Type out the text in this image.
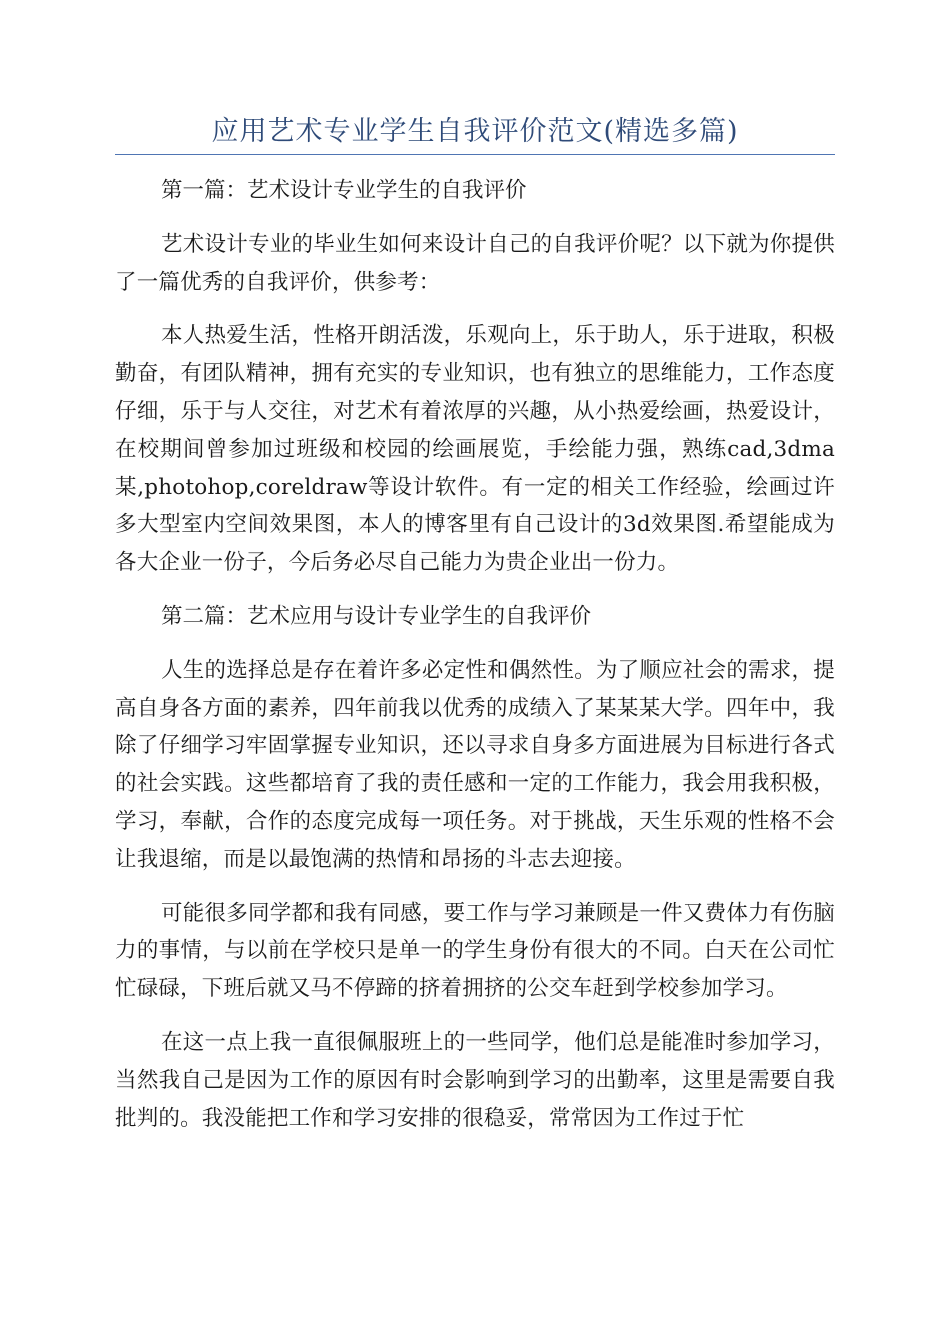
应用艺术专业学生自我评价范文(精选多篇)

第一篇：艺术设计专业学生的自我评价

艺术设计专业的毕业生如何来设计自己的自我评价呢？以下就为你提供了一篇优秀的自我评价，供参考：

本人热爱生活，性格开朗活泼，乐观向上，乐于助人，乐于进取，积极勤奋，有团队精神，拥有充实的专业知识，也有独立的思维能力，工作态度仔细，乐于与人交往，对艺术有着浓厚的兴趣，从小热爱绘画，热爱设计，在校期间曾参加过班级和校园的绘画展览，手绘能力强，熟练cad,3dma某,photohop,coreldraw等设计软件。有一定的相关工作经验，绘画过许多大型室内空间效果图，本人的博客里有自己设计的3d效果图.希望能成为各大企业一份子，今后务必尽自己能力为贵企业出一份力。

第二篇：艺术应用与设计专业学生的自我评价

人生的选择总是存在着许多必定性和偶然性。为了顺应社会的需求，提高自身各方面的素养，四年前我以优秀的成绩入了某某某大学。四年中，我除了仔细学习牢固掌握专业知识，还以寻求自身多方面进展为目标进行各式的社会实践。这些都培育了我的责任感和一定的工作能力，我会用我积极，学习，奉献，合作的态度完成每一项任务。对于挑战，天生乐观的性格不会让我退缩，而是以最饱满的热情和昂扬的斗志去迎接。

可能很多同学都和我有同感，要工作与学习兼顾是一件又费体力有伤脑力的事情，与以前在学校只是单一的学生身份有很大的不同。白天在公司忙忙碌碌，下班后就又马不停蹄的挤着拥挤的公交车赶到学校参加学习。

在这一点上我一直很佩服班上的一些同学，他们总是能准时参加学习，当然我自己是因为工作的原因有时会影响到学习的出勤率，这里是需要自我批判的。我没能把工作和学习安排的很稳妥，常常因为工作过于忙
